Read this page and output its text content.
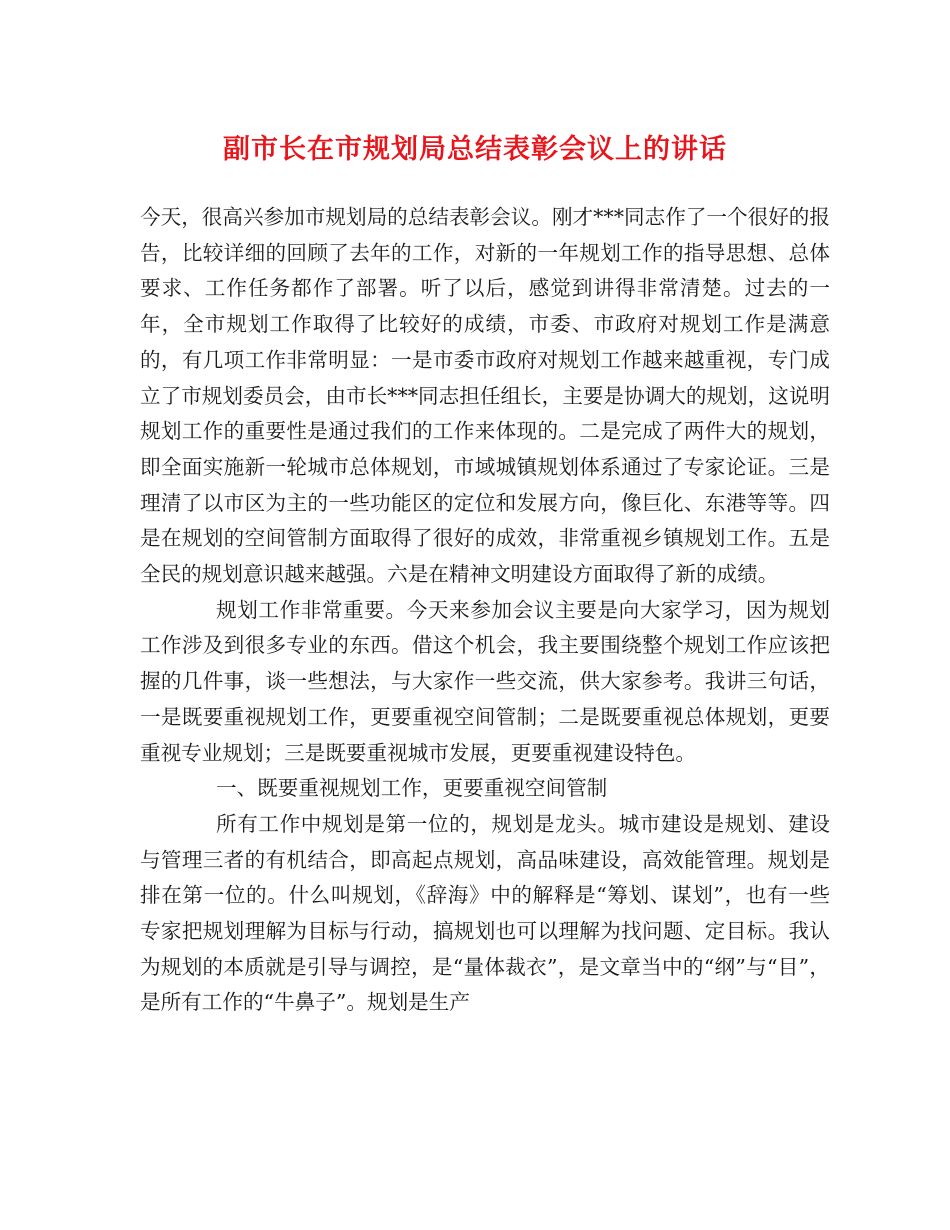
副市长在市规划局总结表彰会议上的讲话

今天，很高兴参加市规划局的总结表彰会议。刚才***同志作了一个很好的报告，比较详细的回顾了去年的工作，对新的一年规划工作的指导思想、总体要求、工作任务都作了部署。听了以后，感觉到讲得非常清楚。过去的一年，全市规划工作取得了比较好的成绩，市委、市政府对规划工作是满意的，有几项工作非常明显：一是市委市政府对规划工作越来越重视，专门成立了市规划委员会，由市长***同志担任组长，主要是协调大的规划，这说明规划工作的重要性是通过我们的工作来体现的。二是完成了两件大的规划，即全面实施新一轮城市总体规划，市域城镇规划体系通过了专家论证。三是理清了以市区为主的一些功能区的定位和发展方向，像巨化、东港等等。四是在规划的空间管制方面取得了很好的成效，非常重视乡镇规划工作。五是全民的规划意识越来越强。六是在精神文明建设方面取得了新的成绩。

规划工作非常重要。今天来参加会议主要是向大家学习，因为规划工作涉及到很多专业的东西。借这个机会，我主要围绕整个规划工作应该把握的几件事，谈一些想法，与大家作一些交流，供大家参考。我讲三句话，一是既要重视规划工作，更要重视空间管制；二是既要重视总体规划，更要重视专业规划；三是既要重视城市发展，更要重视建设特色。

一、既要重视规划工作，更要重视空间管制

所有工作中规划是第一位的，规划是龙头。城市建设是规划、建设与管理三者的有机结合，即高起点规划，高品味建设，高效能管理。规划是排在第一位的。什么叫规划，《辞海》中的解释是“筹划、谋划”，也有一些专家把规划理解为目标与行动，搞规划也可以理解为找问题、定目标。我认为规划的本质就是引导与调控，是“量体裁衣”，是文章当中的“纲”与“目”，是所有工作的“牛鼻子”。规划是生产
